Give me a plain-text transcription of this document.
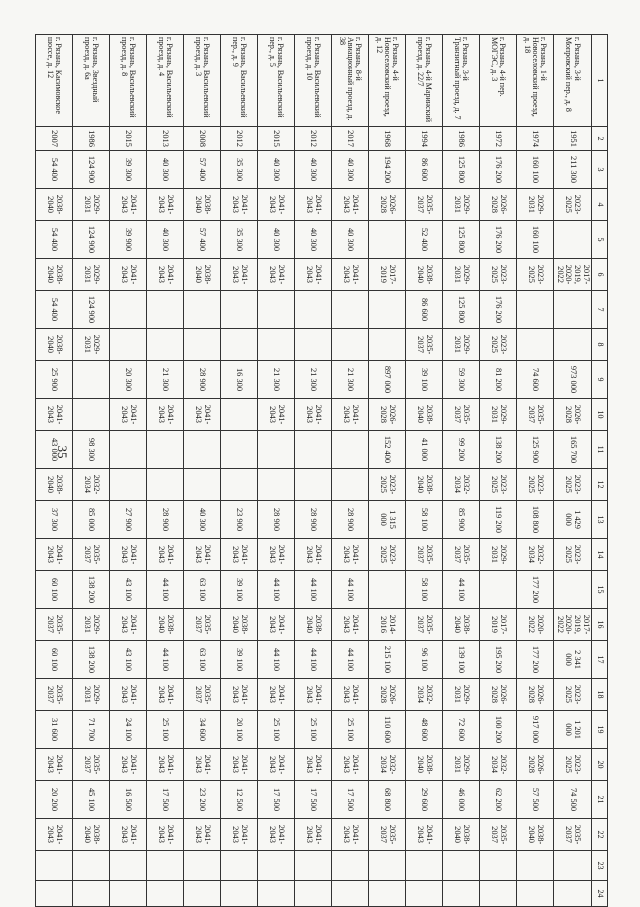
35
1	2	3	4	5	6	7	8	9	10	11	12	13	14	15	16	17	18	19	20	21	22	23	24
г. Рязань, 3-й Мопровский пер., д. 8	1951	211 300	2023-2025		2017-2019, 2020-2022			973 000	2026-2028	165 700	2023-2025	1 429 000	2023-2025		2017-2019, 2020-2022	2 341 000	2023-2025	1 201 000	2023-2025	74 500	2035-2037		
г. Рязань, 1-й Новоселовский проезд, д. 18	1974	160 100	2029-2031	160 100	2023-2025			74 600	2035-2037	125 900	2023-2025	108 800	2032-2034	177 200	2020-2022	177 200	2026-2028	917 000	2026-2028	57 500	2038-2040		
г. Рязань, 4-й пер. МОГЭС, д. 3	1972	176 200	2026-2028	176 200	2023-2025	176 200	2023-2025	81 200	2029-2031	138 200	2023-2025	119 200	2029-2031		2017-2019	195 200	2026-2028	100 200	2032-2034	62 200	2035-2037		
г. Рязань, 3-й Транзитный проезд, д. 7	1986	125 800	2029-2031	125 800	2029-2031	125 800	2029-2031	59 300	2035-2037	99 200	2032-2034	85 900	2035-2037	44 100	2038-2040	139 100	2029-2031	72 600	2029-2031	46 000	2038-2040		
г. Рязань, 4-й Маринский проезд, д. 22/7	1994	86 600	2035-2037	52 400	2038-2040	86 600	2035-2037	39 100	2038-2040	41 000	2038-2040	58 100	2035-2037	58 100	2035-2037	96 100	2032-2034	48 600	2038-2040	29 600	2041-2043		
г. Рязань, 4-й Новоселовский проезд, д. 12	1968	194 200	2026-2028		2017-2019			897 000	2026-2028	152 400	2023-2025	1 315 000	2023-2025		2014-2016	215 100	2026-2028	110 600	2032-2034	68 800	2035-2037		
г. Рязань, 8-й Авиационный проезд, д. 38	2017	40 300	2041-2043	40 300	2041-2043			21 300	2041-2043			28 900	2041-2043	44 100	2041-2043	44 100	2041-2043	25 100	2041-2043	17 500	2041-2043		
г. Рязань, Васильевский проезд, д. 10	2012	40 300	2041-2043	40 300	2041-2043			21 300	2041-2043			28 900	2041-2043	44 100	2038-2040	44 100	2041-2043	25 100	2041-2043	17 500	2041-2043		
г. Рязань, Васильевский пер., д. 5	2015	40 300	2041-2043	40 300	2041-2043			21 300	2041-2043			28 900	2041-2043	44 100	2041-2043	44 100	2041-2043	25 100	2041-2043	17 500	2041-2043		
г. Рязань, Васильевский пер., д. 9	2012	35 300	2041-2043	35 300	2041-2043			16 300				23 900	2041-2043	39 100	2038-2040	39 100	2041-2043	20 100	2041-2043	12 500	2041-2043		
г. Рязань, Васильевский проезд, д. 3	2008	57 400	2038-2040	57 400	2038-2040			28 900	2041-2043			40 300	2041-2043	63 100	2035-2037	63 100	2035-2037	34 600	2041-2043	23 200	2041-2043		
г. Рязань, Васильевский проезд, д. 4	2013	40 300	2041-2043	40 300	2041-2043			21 300	2041-2043			28 900	2041-2043	44 100	2038-2040	44 100	2041-2043	25 100	2041-2043	17 500	2041-2043		
г. Рязань, Васильевский проезд, д. 8	2015	39 300	2041-2043	39 900	2041-2043			20 300	2041-2043			27 900	2041-2043	43 100	2041-2043	43 100	2041-2043	24 100	2041-2043	16 500	2041-2043		
г. Рязань, Звездный проезд, д. 6а	1986	124 900	2029-2031	124 900	2029-2031	124 900	2029-2031			98 300	2032-2034	85 000	2035-2037	138 200	2029-2031	138 200	2029-2031	71 700	2035-2037	45 100	2038-2040		
г. Рязань, Касимовское шоссе, д. 12	2007	54 400	2038-2040	54 400	2038-2040	54 400	2038-2040	25 900	2041-2043	43 000	2038-2040	37 300	2041-2043	60 100	2035-2037	60 100	2035-2037	31 600	2041-2043	20 200	2041-2043		
